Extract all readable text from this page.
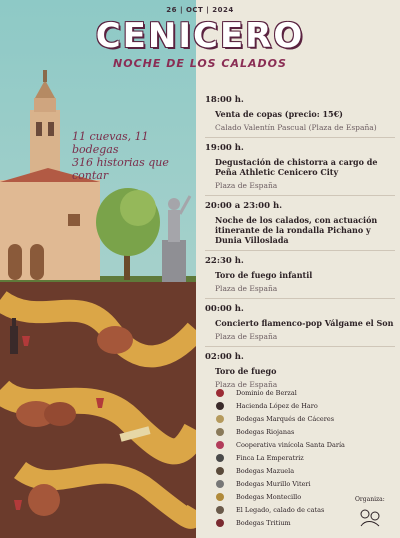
11 cuevas, 11 bodegas
316 historias que contar
26 | OCT | 2024
CENICERO
NOCHE DE LOS CALADOS
18:00 h.
Venta de copas (precio: 15€)
Calado Valentín Pascual (Plaza de España)
19:00 h.
Degustación de chistorra a cargo de Peña Athletic Cenicero City
Plaza de España
20:00 a 23:00 h.
Noche de los calados, con actuación itinerante de la rondalla Pichano y Dunia Villoslada
22:30 h.
Toro de fuego infantil
Plaza de España
00:00 h.
Concierto flamenco-pop Válgame el Son
Plaza de España
02:00 h.
Toro de fuego
Plaza de España
Dominio de Berzal
Hacienda López de Haro
Bodegas Marqués de Cáceres
Bodegas Riojanas
Cooperativa vinícola Santa Daría
Finca La Emperatriz
Bodegas Mazuela
Bodegas Murillo Viteri
Bodegas Montecillo
El Legado, calado de catas
Bodegas Tritium
Organiza:
